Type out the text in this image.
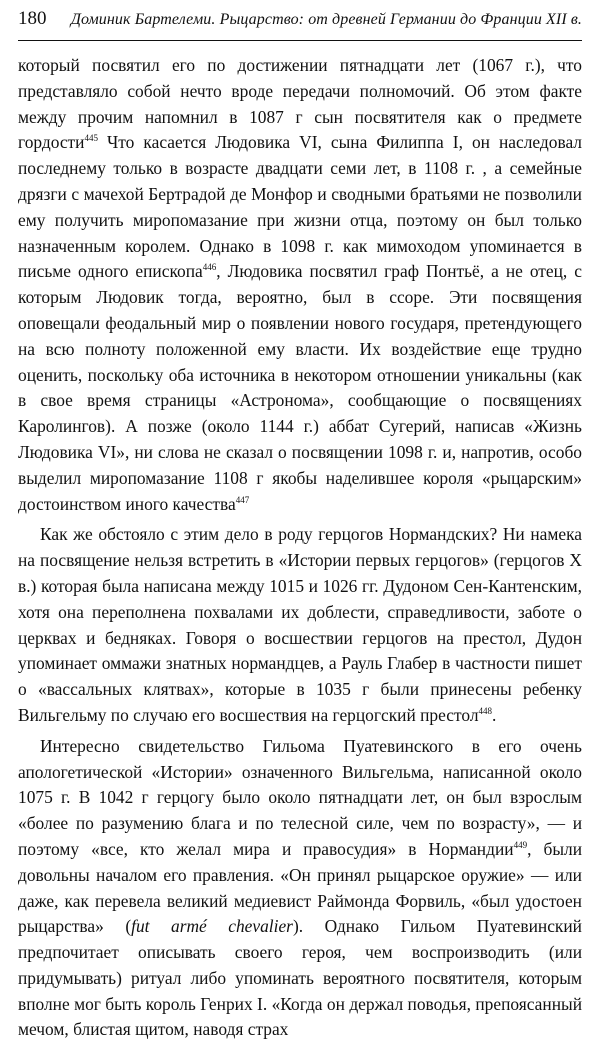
180 Доминик Бартелеми. Рыцарство: от древней Германии до Франции XII в.

который посвятил его по достижении пятнадцати лет (1067 г.), что представляло собой нечто вроде передачи полномочий. Об этом факте между прочим напомнил в 1087 г сын посвятителя как о предмете гордости$^{445}$ Что касается Людовика VI, сына Филиппа I, он наследовал последнему только в возрасте двадцати семи лет, в 1108 г. , а семейные дрязги с мачехой Бертрадой де Монфор и сводными братьями не позволили ему получить миропомазание при жизни отца, поэтому он был только назначенным королем. Однако в 1098 г. как мимоходом упоминается в письме одного епископа$^{446}$, Людовика посвятил граф Понтьё, а не отец, с которым Людовик тогда, вероятно, был в ссоре. Эти посвящения оповещали феодальный мир о появлении нового государя, претендующего на всю полноту положенной ему власти. Их воздействие еще трудно оценить, поскольку оба источника в некотором отношении уникальны (как в свое время страницы «Астронома», сообщающие о посвящениях Каролингов). А позже (около 1144 г.) аббат Сугерий, написав «Жизнь Людовика VI», ни слова не сказал о посвящении 1098 г. и, напротив, особо выделил миропомазание 1108 г якобы наделившее короля «рыцарским» достоинством иного качества$^{447}$

Как же обстояло с этим дело в роду герцогов Нормандских? Ни намека на посвящение нельзя встретить в «Истории первых герцогов» (герцогов X в.) которая была написана между 1015 и 1026 гг. Дудоном Сен-Кантенским, хотя она переполнена похвалами их доблести, справедливости, заботе о церквах и бедняках. Говоря о восшествии герцогов на престол, Дудон упоминает оммажи знатных нормандцев, а Рауль Глабер в частности пишет о «вассальных клятвах», которые в 1035 г были принесены ребенку Вильгельму по случаю его восшествия на герцогский престол$^{448}$.

Интересно свидетельство Гильома Пуатевинского в его очень апологетической «Истории» означенного Вильгельма, написанной около 1075 г. В 1042 г герцогу было около пятнадцати лет, он был взрослым «более по разумению блага и по телесной силе, чем по возрасту», — и поэтому «все, кто желал мира и правосудия» в Нормандии$^{449}$, были довольны началом его правления. «Он принял рыцарское оружие» — или даже, как перевела великий медиевист Раймонда Форвиль, «был удостоен рыцарства» (fut armé chevalier). Однако Гильом Пуатевинский предпочитает описывать своего героя, чем воспроизводить (или придумывать) ритуал либо упоминать вероятного посвятителя, которым вполне мог быть король Генрих I. «Когда он держал поводья, препоясанный мечом, блистая щитом, наводя страх
